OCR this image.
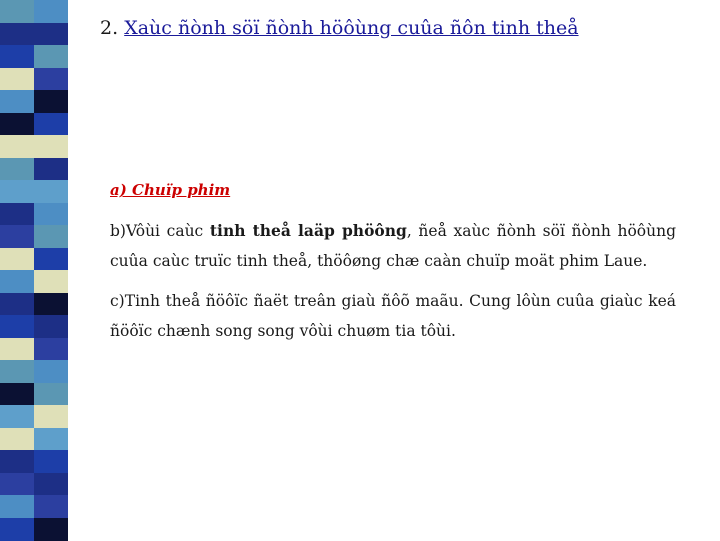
2. Xaùc ñònh söï ñònh höôùng cuûa ñôn tinh theå
a) Chuïp phim
b)Vôùi caùc tinh theå laäp phöông, ñeå xaùc ñònh söï ñònh höôùng cuûa caùc truïc tinh theå, thöôøng chæ caàn chuïp moät phim Laue.
c)Tinh theå ñöôïc ñaët treân giaù ñôõ maãu. Cung lôùn cuûa giaùc keá ñöôïc chænh song song vôùi chuøm tia tôùi.
